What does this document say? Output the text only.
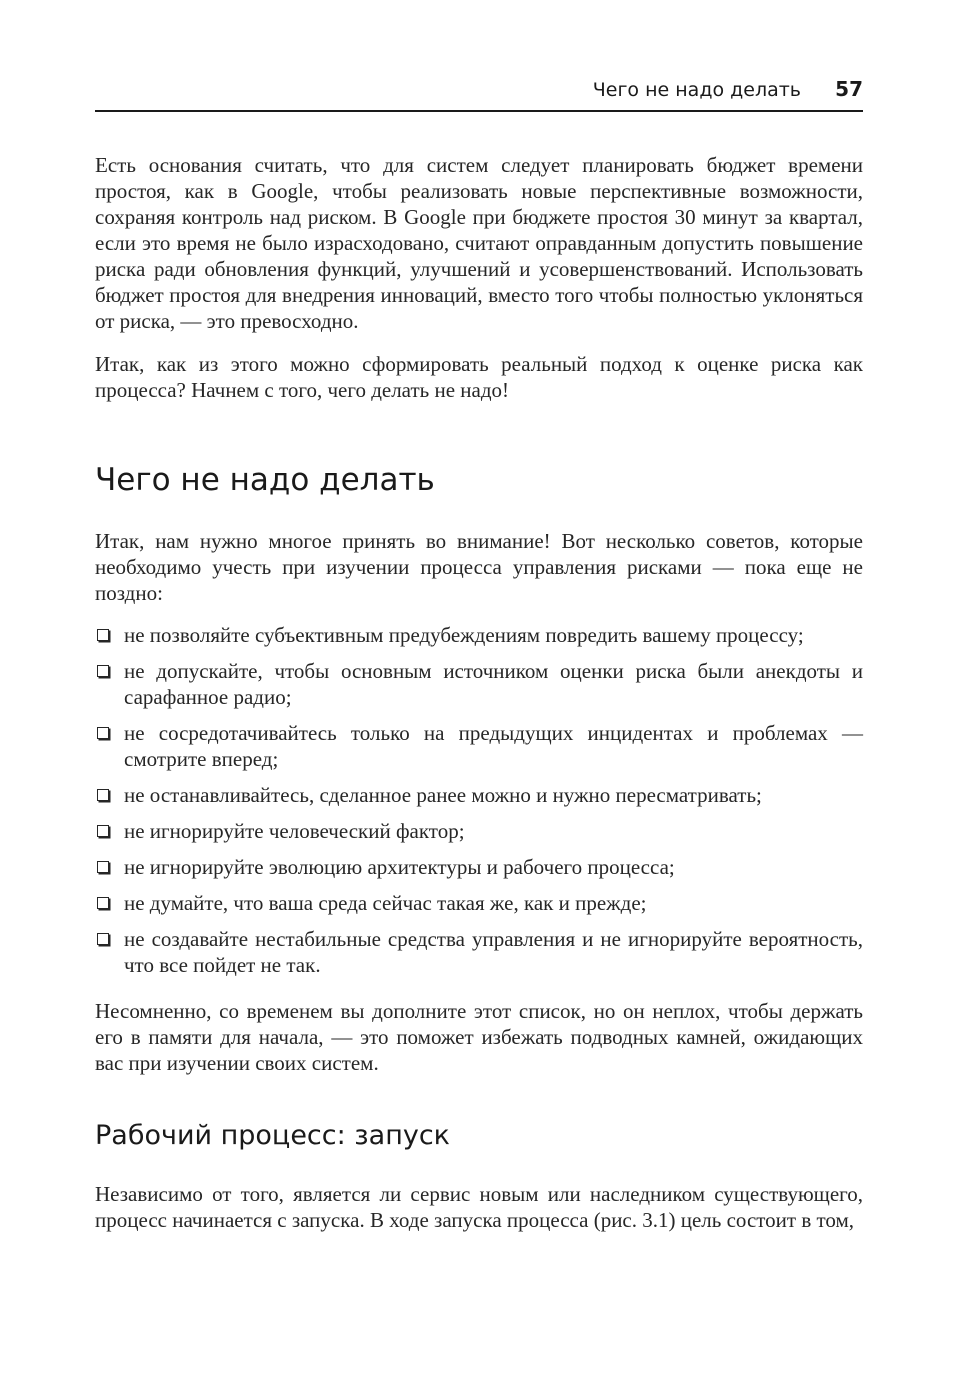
Чего не надо делать 57

Есть основания считать, что для систем следует планировать бюджет времени простоя, как в Google, чтобы реализовать новые перспективные возможности, сохраняя контроль над риском. В Google при бюджете простоя 30 минут за квартал, если это время не было израсходовано, считают оправданным допустить повышение риска ради обновления функций, улучшений и усовершенствований. Использовать бюджет простоя для внедрения инноваций, вместо того чтобы полностью уклоняться от риска, — это превосходно.

Итак, как из этого можно сформировать реальный подход к оценке риска как процесса? Начнем с того, чего делать не надо!

Чего не надо делать

Итак, нам нужно многое принять во внимание! Вот несколько советов, которые необходимо учесть при изучении процесса управления рисками — пока еще не поздно:

не позволяйте субъективным предубеждениям повредить вашему процессу;
не допускайте, чтобы основным источником оценки риска были анекдоты и сарафанное радио;
не сосредотачивайтесь только на предыдущих инцидентах и проблемах — смотрите вперед;
не останавливайтесь, сделанное ранее можно и нужно пересматривать;
не игнорируйте человеческий фактор;
не игнорируйте эволюцию архитектуры и рабочего процесса;
не думайте, что ваша среда сейчас такая же, как и прежде;
не создавайте нестабильные средства управления и не игнорируйте вероятность, что все пойдет не так.

Несомненно, со временем вы дополните этот список, но он неплох, чтобы держать его в памяти для начала, — это поможет избежать подводных камней, ожидающих вас при изучении своих систем.

Рабочий процесс: запуск

Независимо от того, является ли сервис новым или наследником существующего, процесс начинается с запуска. В ходе запуска процесса (рис. 3.1) цель состоит в том,
